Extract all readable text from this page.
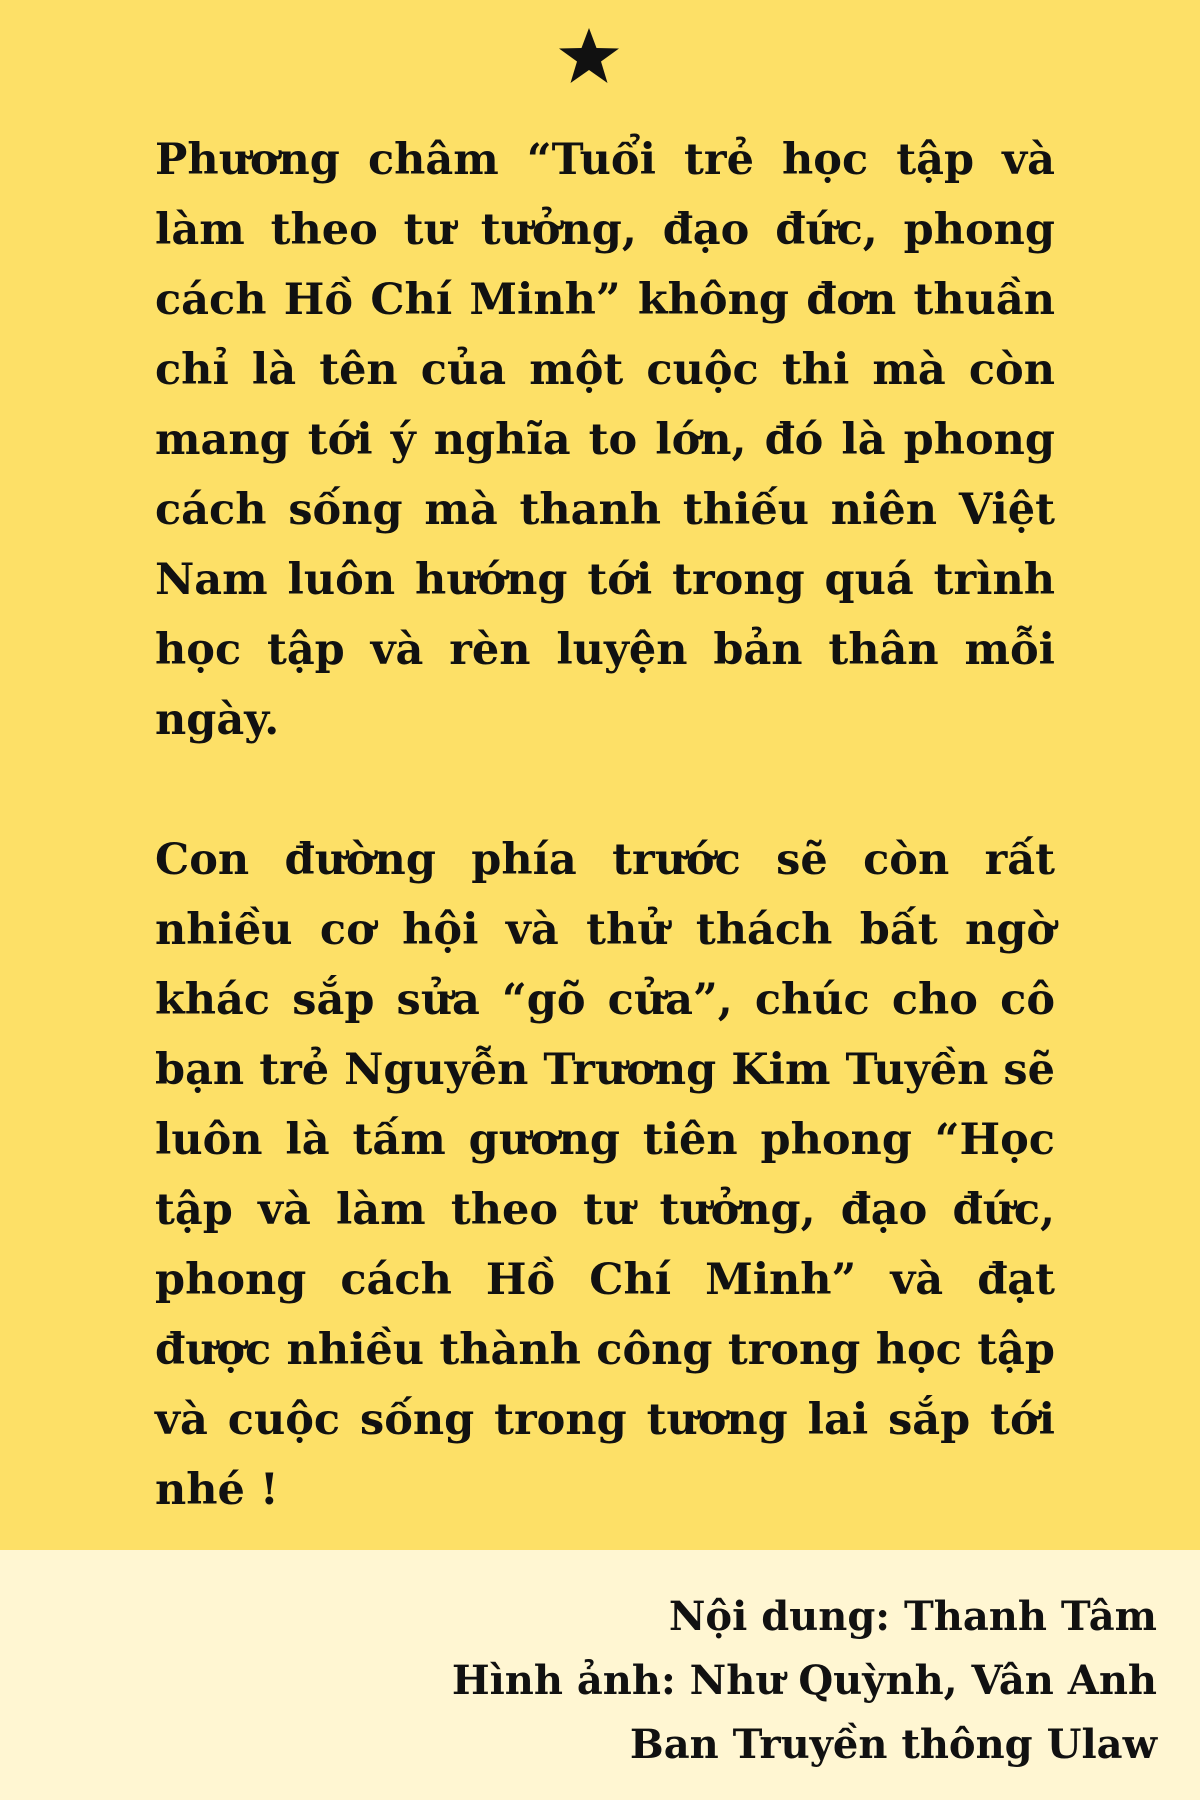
Phương châm “Tuổi trẻ học tập và làm theo tư tưởng, đạo đức, phong cách Hồ Chí Minh” không đơn thuần chỉ là tên của một cuộc thi mà còn mang tới ý nghĩa to lớn, đó là phong cách sống mà thanh thiếu niên Việt Nam luôn hướng tới trong quá trình học tập và rèn luyện bản thân mỗi ngày.

Con đường phía trước sẽ còn rất nhiều cơ hội và thử thách bất ngờ khác sắp sửa “gõ cửa”, chúc cho cô bạn trẻ Nguyễn Trương Kim Tuyền sẽ luôn là tấm gương tiên phong “Học tập và làm theo tư tưởng, đạo đức, phong cách Hồ Chí Minh” và đạt được nhiều thành công trong học tập và cuộc sống trong tương lai sắp tới nhé !

Nội dung: Thanh Tâm

Hình ảnh: Như Quỳnh, Vân Anh

Ban Truyền thông Ulaw
